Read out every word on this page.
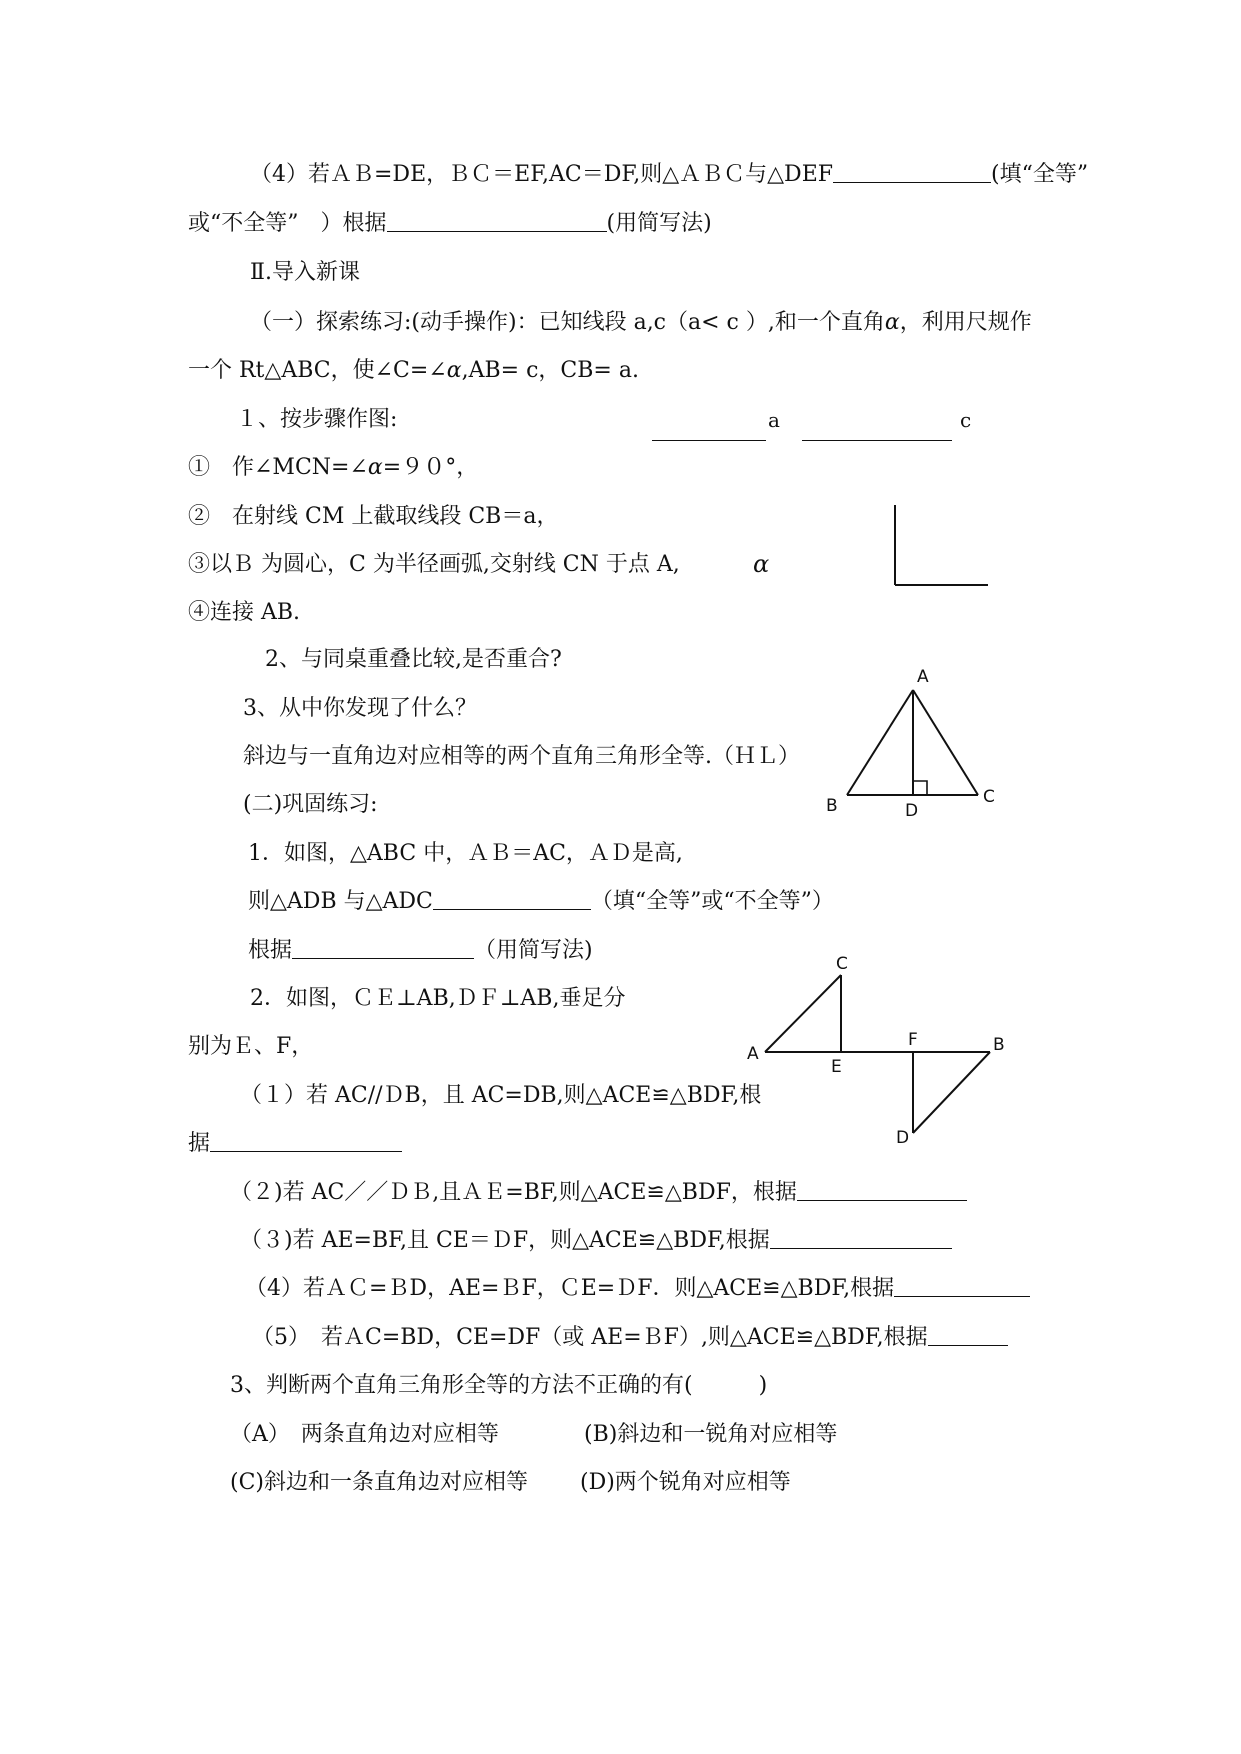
（4）若ＡＢ=DE，ＢＣ＝EF,AC＝DF,则△ＡＢＣ与△DEF	(填“全等”
或“不全等”　）根据	(用简写法)
Ⅱ.导入新课
（一）探索练习:(动手操作)：已知线段 a,c（a< c ）,和一个直角α，利用尺规作
一个 Rt△ABC，使∠C=∠α,AB= c，CB= a.
１、按步骤作图:	a	c
①　作∠MCN=∠α=９０°，
②　在射线 CM 上截取线段 CB＝a，
③以Ｂ 为圆心，C 为半径画弧,交射线 CN 于点 A,	α
④连接 AB.
2、与同桌重叠比较,是否重合?
3、从中你发现了什么？
斜边与一直角边对应相等的两个直角三角形全等.（ＨＬ）
(二)巩固练习:
A
B	C
D
1．如图，△ABC 中，ＡＢ＝AC，ＡＤ是高,
则△ADB 与△ADC	（填“全等”或“不全等”）
根据	（用简写法)
2．如图，ＣＥ⊥AB,ＤＦ⊥AB,垂足分
别为Ｅ、F，	A
C
E
F	B
D
（１）若 AC//ＤB，且 AC=DB,则△ACE≌△BDF,根
据
（２)若 AC／／ＤＢ,且ＡＥ=BF,则△ACE≌△BDF，根据
（３)若 AE=BF,且 CE＝ＤF，则△ACE≌△BDF,根据
（4）若ＡＣ=ＢD，AE=ＢF，ＣE=ＤF．则△ACE≌△BDF,根据
（5）　若ＡC=BD，CE=DF（或 AE=ＢF）,则△ACE≌△BDF,根据
3、判断两个直角三角形全等的方法不正确的有(　　　)
（A）　两条直角边对应相等	(B)斜边和一锐角对应相等
(C)斜边和一条直角边对应相等 (D)两个锐角对应相等
